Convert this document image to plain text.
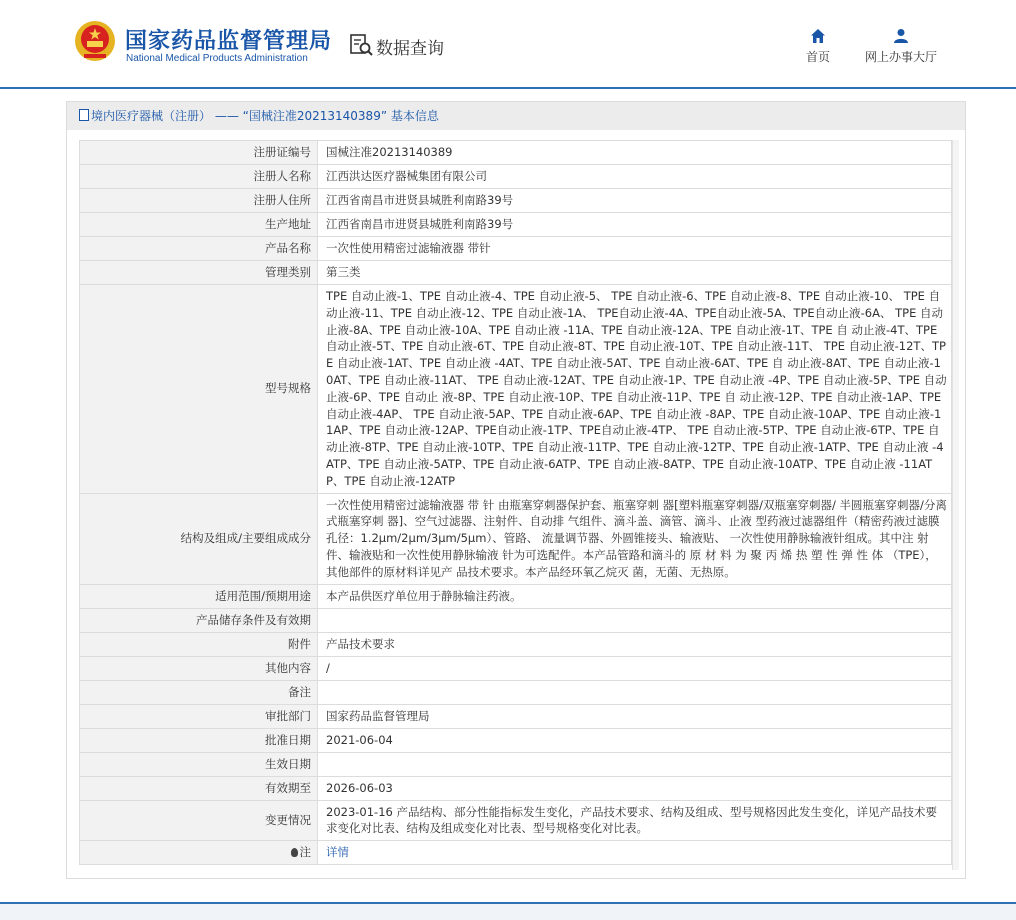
国家药品监督管理局
National Medical Products Administration	数据查询	首页	网上办事大厅
境内医疗器械（注册） —— “国械注准20213140389” 基本信息
注册证编号	国械注准20213140389
注册人名称	江西洪达医疗器械集团有限公司
注册人住所	江西省南昌市进贤县城胜利南路39号
生产地址	江西省南昌市进贤县城胜利南路39号
产品名称	一次性使用精密过滤输液器 带针
管理类别	第三类
型号规格	TPE 自动止液-1、TPE 自动止液-4、TPE 自动止液-5、 TPE 自动止液-6、TPE 自动止液-8、TPE 自动止液-10、 TPE 自动止液-11、TPE 自动止液-12、TPE 自动止液-1A、 TPE自动止液-4A、TPE自动止液-5A、TPE自动止液-6A、 TPE 自动止液-8A、TPE 自动止液-10A、TPE 自动止液 -11A、TPE 自动止液-12A、TPE 自动止液-1T、TPE 自 动止液-4T、TPE 自动止液-5T、TPE 自动止液-6T、TPE 自动止液-8T、TPE 自动止液-10T、TPE 自动止液-11T、 TPE 自动止液-12T、TPE 自动止液-1AT、TPE 自动止液 -4AT、TPE 自动止液-5AT、TPE 自动止液-6AT、TPE 自 动止液-8AT、TPE 自动止液-10AT、TPE 自动止液-11AT、 TPE 自动止液-12AT、TPE 自动止液-1P、TPE 自动止液 -4P、TPE 自动止液-5P、TPE 自动止液-6P、TPE 自动止 液-8P、TPE 自动止液-10P、TPE 自动止液-11P、TPE 自 动止液-12P、TPE 自动止液-1AP、TPE 自动止液-4AP、 TPE 自动止液-5AP、TPE 自动止液-6AP、TPE 自动止液 -8AP、TPE 自动止液-10AP、TPE 自动止液-11AP、TPE 自动止液-12AP、TPE自动止液-1TP、TPE自动止液-4TP、 TPE 自动止液-5TP、TPE 自动止液-6TP、TPE 自动止液-8TP、TPE 自动止液-10TP、TPE 自动止液-11TP、TPE 自动止液-12TP、TPE 自动止液-1ATP、TPE 自动止液 -4ATP、TPE 自动止液-5ATP、TPE 自动止液-6ATP、TPE 自动止液-8ATP、TPE 自动止液-10ATP、TPE 自动止液 -11ATP、TPE 自动止液-12ATP
结构及组成/主要组成成分	一次性使用精密过滤输液器 带 针 由瓶塞穿刺器保护套、瓶塞穿刺 器[塑料瓶塞穿刺器/双瓶塞穿刺器/ 半圆瓶塞穿刺器/分离式瓶塞穿刺 器]、空气过滤器、注射件、自动排 气组件、滴斗盖、滴管、滴斗、止液 型药液过滤器组件（精密药液过滤膜 孔径：1.2μm/2μm/3μm/5μm）、管路、 流量调节器、外圆锥接头、输液贴、 一次性使用静脉输液针组成。其中注 射件、输液贴和一次性使用静脉输液 针为可选配件。本产品管路和滴斗的 原 材 料 为 聚 丙 烯 热 塑 性 弹 性 体 （TPE），其他部件的原材料详见产 品技术要求。本产品经环氧乙烷灭 菌，无菌、无热原。
适用范围/预期用途	本产品供医疗单位用于静脉输注药液。
产品储存条件及有效期	
附件	产品技术要求
其他内容	/
备注	
审批部门	国家药品监督管理局
批准日期	2021-06-04
生效日期	
有效期至	2026-06-03
变更情况	2023-01-16 产品结构、部分性能指标发生变化，产品技术要求、结构及组成、型号规格因此发生变化，详见产品技术要求变化对比表、结构及组成变化对比表、型号规格变化对比表。
注	详情
